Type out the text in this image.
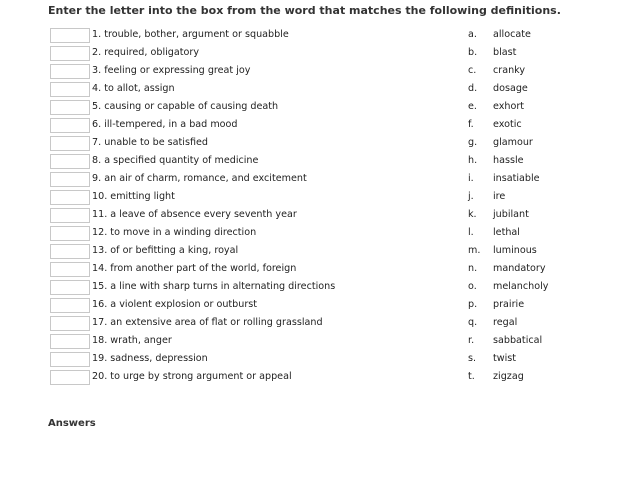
Enter the letter into the box from the word that matches the following definitions.
1. trouble, bother, argument or squabble	a.	allocate
2. required, obligatory	b.	blast
3. feeling or expressing great joy	c.	cranky
4. to allot, assign	d.	dosage
5. causing or capable of causing death	e.	exhort
6. ill-tempered, in a bad mood	f.	exotic
7. unable to be satisfied	g.	glamour
8. a specified quantity of medicine	h.	hassle
9. an air of charm, romance, and excitement	i.	insatiable
10. emitting light	j.	ire
11. a leave of absence every seventh year	k.	jubilant
12. to move in a winding direction	l.	lethal
13. of or befitting a king, royal	m.	luminous
14. from another part of the world, foreign	n.	mandatory
15. a line with sharp turns in alternating directions	o.	melancholy
16. a violent explosion or outburst	p.	prairie
17. an extensive area of flat or rolling grassland	q.	regal
18. wrath, anger	r.	sabbatical
19. sadness, depression	s.	twist
20. to urge by strong argument or appeal	t.	zigzag
Answers
